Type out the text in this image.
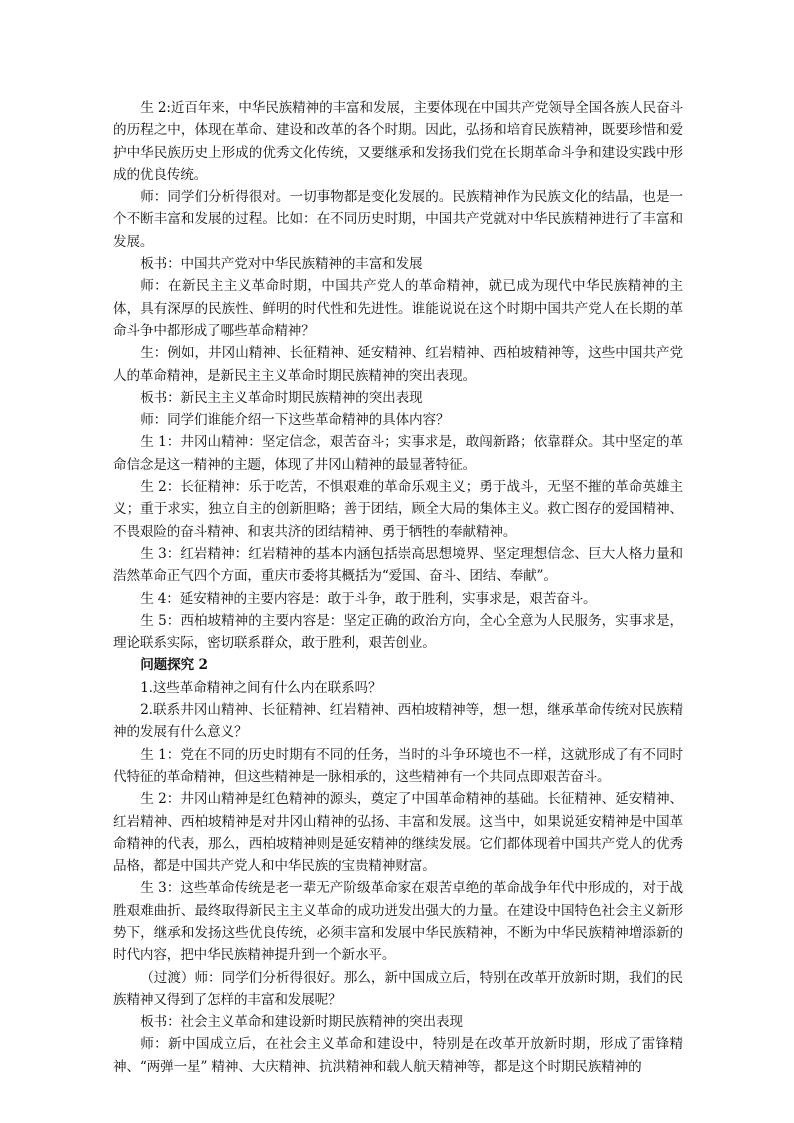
生 2:近百年来，中华民族精神的丰富和发展，主要体现在中国共产党领导全国各族人民奋斗的历程之中，体现在革命、建设和改革的各个时期。因此，弘扬和培育民族精神，既要珍惜和爱护中华民族历史上形成的优秀文化传统，又要继承和发扬我们党在长期革命斗争和建设实践中形成的优良传统。

师：同学们分析得很对。一切事物都是变化发展的。民族精神作为民族文化的结晶，也是一个不断丰富和发展的过程。比如：在不同历史时期，中国共产党就对中华民族精神进行了丰富和发展。

板书：中国共产党对中华民族精神的丰富和发展

师：在新民主主义革命时期，中国共产党人的革命精神，就已成为现代中华民族精神的主体，具有深厚的民族性、鲜明的时代性和先进性。谁能说说在这个时期中国共产党人在长期的革命斗争中都形成了哪些革命精神？

生：例如，井冈山精神、长征精神、延安精神、红岩精神、西柏坡精神等，这些中国共产党人的革命精神，是新民主主义革命时期民族精神的突出表现。

板书：新民主主义革命时期民族精神的突出表现

师：同学们谁能介绍一下这些革命精神的具体内容？

生 1：井冈山精神：坚定信念，艰苦奋斗；实事求是，敢闯新路；依靠群众。其中坚定的革命信念是这一精神的主题，体现了井冈山精神的最显著特征。

生 2：长征精神：乐于吃苦，不惧艰难的革命乐观主义；勇于战斗，无坚不摧的革命英雄主义；重于求实，独立自主的创新胆略；善于团结，顾全大局的集体主义。救亡图存的爱国精神、不畏艰险的奋斗精神、和衷共济的团结精神、勇于牺牲的奉献精神。

生 3：红岩精神：红岩精神的基本内涵包括崇高思想境界、坚定理想信念、巨大人格力量和浩然革命正气四个方面，重庆市委将其概括为“爱国、奋斗、团结、奉献”。

生 4：延安精神的主要内容是：敢于斗争，敢于胜利，实事求是，艰苦奋斗。

生 5：西柏坡精神的主要内容是：坚定正确的政治方向，全心全意为人民服务，实事求是，理论联系实际，密切联系群众，敢于胜利，艰苦创业。

问题探究 2

1.这些革命精神之间有什么内在联系吗？

2.联系井冈山精神、长征精神、红岩精神、西柏坡精神等，想一想，继承革命传统对民族精神的发展有什么意义？

生 1：党在不同的历史时期有不同的任务，当时的斗争环境也不一样，这就形成了有不同时代特征的革命精神，但这些精神是一脉相承的，这些精神有一个共同点即艰苦奋斗。

生 2：井冈山精神是红色精神的源头，奠定了中国革命精神的基础。长征精神、延安精神、红岩精神、西柏坡精神是对井冈山精神的弘扬、丰富和发展。这当中，如果说延安精神是中国革命精神的代表，那么，西柏坡精神则是延安精神的继续发展。它们都体现着中国共产党人的优秀品格，都是中国共产党人和中华民族的宝贵精神财富。

生 3：这些革命传统是老一辈无产阶级革命家在艰苦卓绝的革命战争年代中形成的，对于战胜艰难曲折、最终取得新民主主义革命的成功迸发出强大的力量。在建设中国特色社会主义新形势下，继承和发扬这些优良传统，必须丰富和发展中华民族精神，不断为中华民族精神增添新的时代内容，把中华民族精神提升到一个新水平。

（过渡）师：同学们分析得很好。那么，新中国成立后，特别在改革开放新时期，我们的民族精神又得到了怎样的丰富和发展呢？

板书：社会主义革命和建设新时期民族精神的突出表现

师：新中国成立后，在社会主义革命和建设中，特别是在改革开放新时期，形成了雷锋精神、“两弹一星” 精神、大庆精神、抗洪精神和载人航天精神等，都是这个时期民族精神的
